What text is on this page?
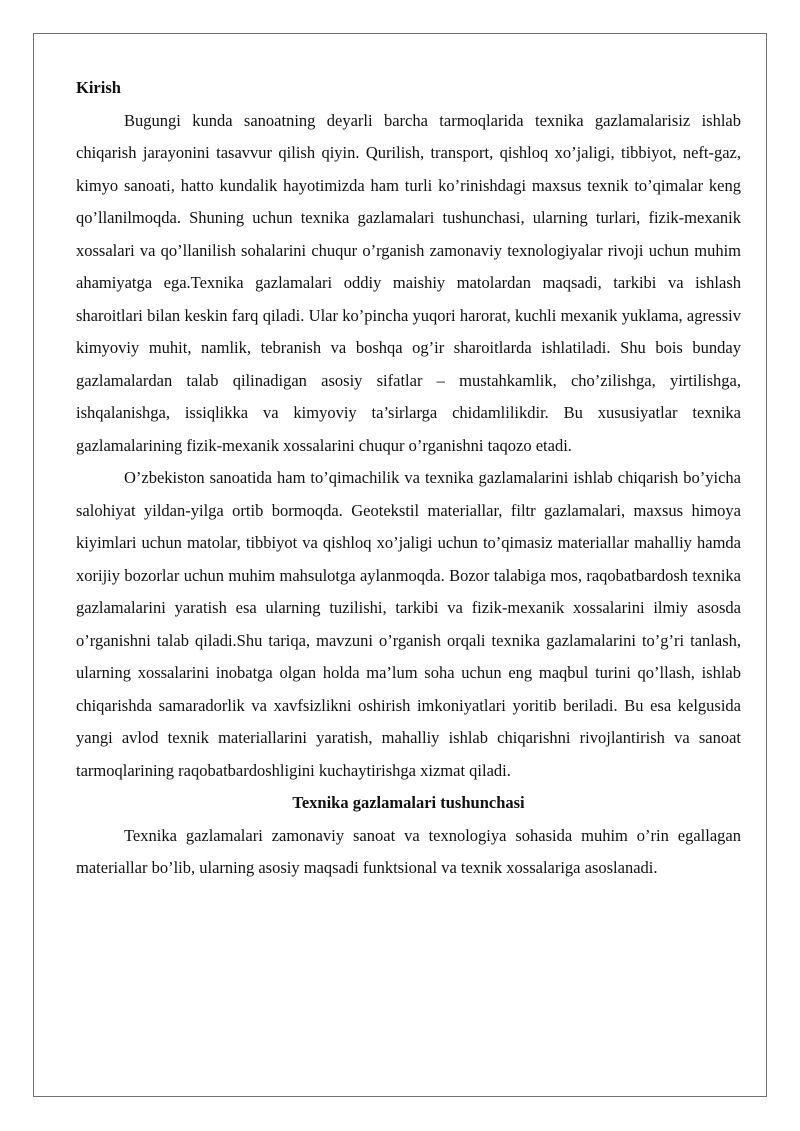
Kirish

Bugungi kunda sanoatning deyarli barcha tarmoqlarida texnika gazlamalarisiz ishlab chiqarish jarayonini tasavvur qilish qiyin. Qurilish, transport, qishloq xo’jaligi, tibbiyot, neft-gaz, kimyo sanoati, hatto kundalik hayotimizda ham turli ko’rinishdagi maxsus texnik to’qimalar keng qo’llanilmoqda. Shuning uchun texnika gazlamalari tushunchasi, ularning turlari, fizik-mexanik xossalari va qo’llanilish sohalarini chuqur o’rganish zamonaviy texnologiyalar rivoji uchun muhim ahamiyatga ega.Texnika gazlamalari oddiy maishiy matolardan maqsadi, tarkibi va ishlash sharoitlari bilan keskin farq qiladi. Ular ko’pincha yuqori harorat, kuchli mexanik yuklama, agressiv kimyoviy muhit, namlik, tebranish va boshqa og’ir sharoitlarda ishlatiladi. Shu bois bunday gazlamalardan talab qilinadigan asosiy sifatlar – mustahkamlik, cho’zilishga, yirtilishga, ishqalanishga, issiqlikka va kimyoviy ta’sirlarga chidamlilikdir. Bu xususiyatlar texnika gazlamalarining fizik-mexanik xossalarini chuqur o’rganishni taqozo etadi.

O’zbekiston sanoatida ham to’qimachilik va texnika gazlamalarini ishlab chiqarish bo’yicha salohiyat yildan-yilga ortib bormoqda. Geotekstil materiallar, filtr gazlamalari, maxsus himoya kiyimlari uchun matolar, tibbiyot va qishloq xo’jaligi uchun to’qimasiz materiallar mahalliy hamda xorijiy bozorlar uchun muhim mahsulotga aylanmoqda. Bozor talabiga mos, raqobatbardosh texnika gazlamalarini yaratish esa ularning tuzilishi, tarkibi va fizik-mexanik xossalarini ilmiy asosda o’rganishni talab qiladi.Shu tariqa, mavzuni o’rganish orqali texnika gazlamalarini to’g’ri tanlash, ularning xossalarini inobatga olgan holda ma’lum soha uchun eng maqbul turini qo’llash, ishlab chiqarishda samaradorlik va xavfsizlikni oshirish imkoniyatlari yoritib beriladi. Bu esa kelgusida yangi avlod texnik materiallarini yaratish, mahalliy ishlab chiqarishni rivojlantirish va sanoat tarmoqlarining raqobatbardoshligini kuchaytirishga xizmat qiladi.

Texnika gazlamalari tushunchasi

Texnika gazlamalari zamonaviy sanoat va texnologiya sohasida muhim o’rin egallagan materiallar bo’lib, ularning asosiy maqsadi funktsional va texnik xossalariga asoslanadi.
